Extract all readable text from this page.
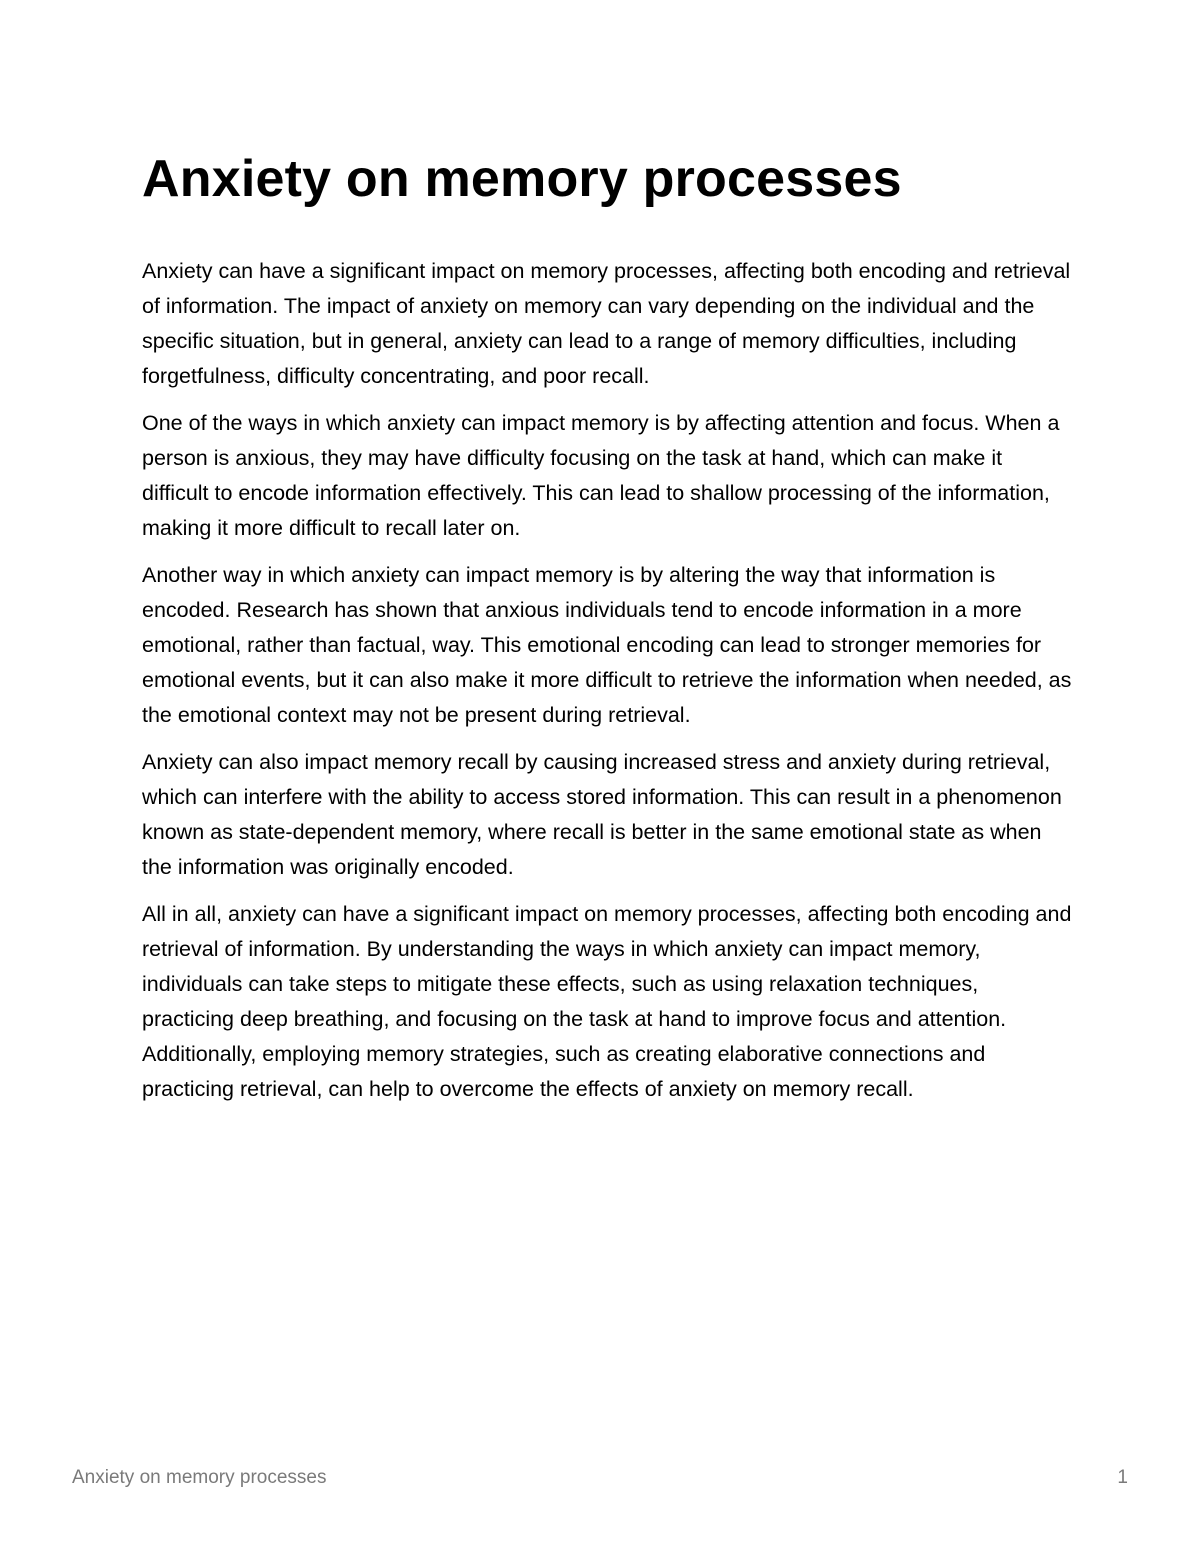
Anxiety on memory processes

Anxiety can have a significant impact on memory processes, affecting both encoding and retrieval of information. The impact of anxiety on memory can vary depending on the individual and the specific situation, but in general, anxiety can lead to a range of memory difficulties, including forgetfulness, difficulty concentrating, and poor recall.

One of the ways in which anxiety can impact memory is by affecting attention and focus. When a person is anxious, they may have difficulty focusing on the task at hand, which can make it difficult to encode information effectively. This can lead to shallow processing of the information, making it more difficult to recall later on.

Another way in which anxiety can impact memory is by altering the way that information is encoded. Research has shown that anxious individuals tend to encode information in a more emotional, rather than factual, way. This emotional encoding can lead to stronger memories for emotional events, but it can also make it more difficult to retrieve the information when needed, as the emotional context may not be present during retrieval.

Anxiety can also impact memory recall by causing increased stress and anxiety during retrieval, which can interfere with the ability to access stored information. This can result in a phenomenon known as state-dependent memory, where recall is better in the same emotional state as when the information was originally encoded.

All in all, anxiety can have a significant impact on memory processes, affecting both encoding and retrieval of information. By understanding the ways in which anxiety can impact memory, individuals can take steps to mitigate these effects, such as using relaxation techniques, practicing deep breathing, and focusing on the task at hand to improve focus and attention. Additionally, employing memory strategies, such as creating elaborative connections and practicing retrieval, can help to overcome the effects of anxiety on memory recall.

Anxiety on memory processes	1
